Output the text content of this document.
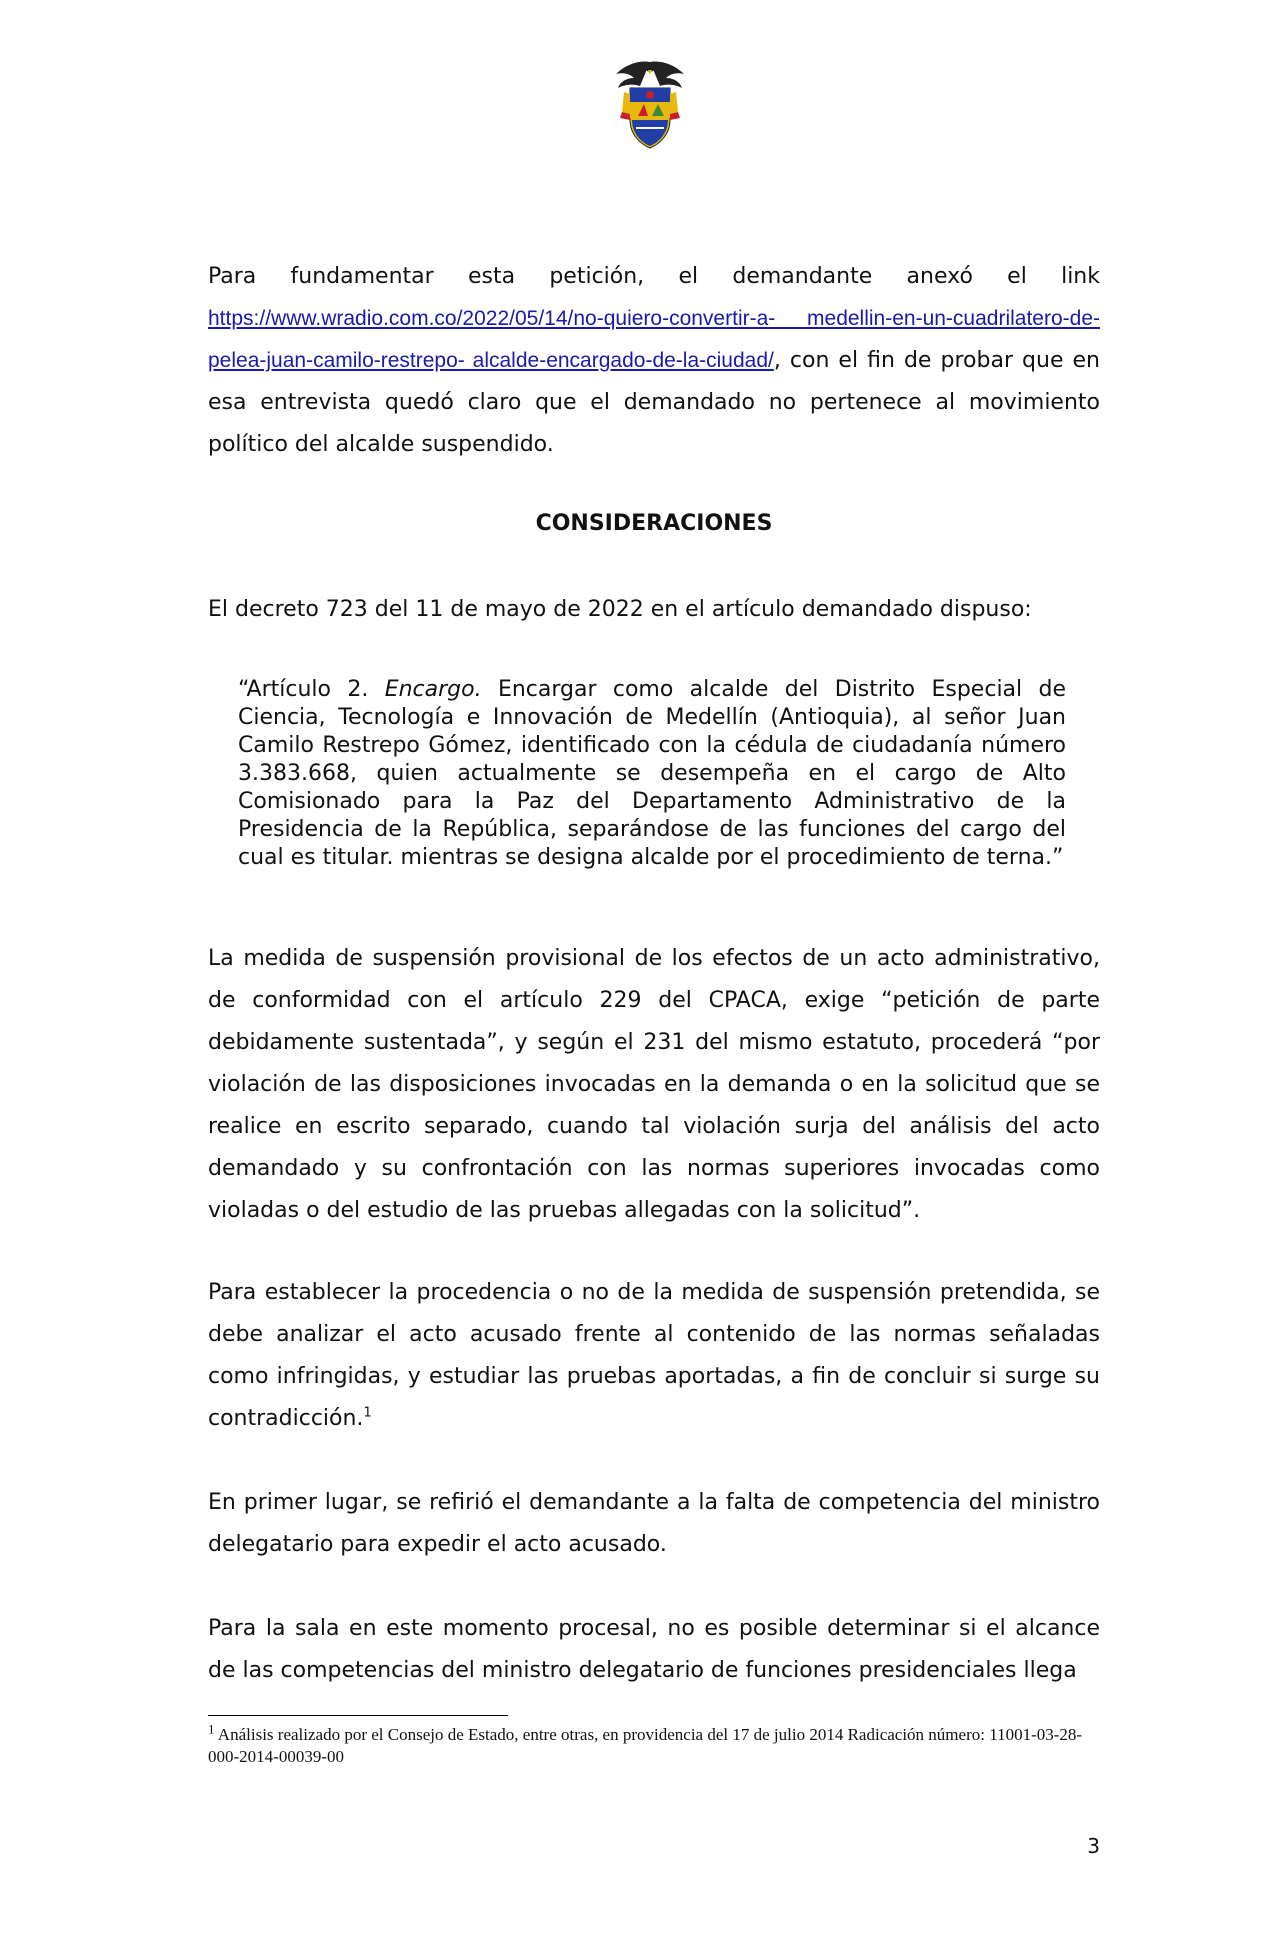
Para fundamentar esta petición, el demandante anexó el link https://www.wradio.com.co/2022/05/14/no-quiero-convertir-a- medellin-en-un-cuadrilatero-de-pelea-juan-camilo-restrepo- alcalde-encargado-de-la-ciudad/, con el fin de probar que en esa entrevista quedó claro que el demandado no pertenece al movimiento político del alcalde suspendido.

CONSIDERACIONES

El decreto 723 del 11 de mayo de 2022 en el artículo demandado dispuso:

“Artículo 2. Encargo. Encargar como alcalde del Distrito Especial de Ciencia, Tecnología e Innovación de Medellín (Antioquia), al señor Juan Camilo Restrepo Gómez, identificado con la cédula de ciudadanía número 3.383.668, quien actualmente se desempeña en el cargo de Alto Comisionado para la Paz del Departamento Administrativo de la Presidencia de la República, separándose de las funciones del cargo del cual es titular. mientras se designa alcalde por el procedimiento de terna.”

La medida de suspensión provisional de los efectos de un acto administrativo, de conformidad con el artículo 229 del CPACA, exige “petición de parte debidamente sustentada”, y según el 231 del mismo estatuto, procederá “por violación de las disposiciones invocadas en la demanda o en la solicitud que se realice en escrito separado, cuando tal violación surja del análisis del acto demandado y su confrontación con las normas superiores invocadas como violadas o del estudio de las pruebas allegadas con la solicitud”.

Para establecer la procedencia o no de la medida de suspensión pretendida, se debe analizar el acto acusado frente al contenido de las normas señaladas como infringidas, y estudiar las pruebas aportadas, a fin de concluir si surge su contradicción.$^1$

En primer lugar, se refirió el demandante a la falta de competencia del ministro delegatario para expedir el acto acusado.

Para la sala en este momento procesal, no es posible determinar si el alcance de las competencias del ministro delegatario de funciones presidenciales llega

$^1$ Análisis realizado por el Consejo de Estado, entre otras, en providencia del 17 de julio 2014 Radicación número: 11001-03-28-000-2014-00039-00

3
